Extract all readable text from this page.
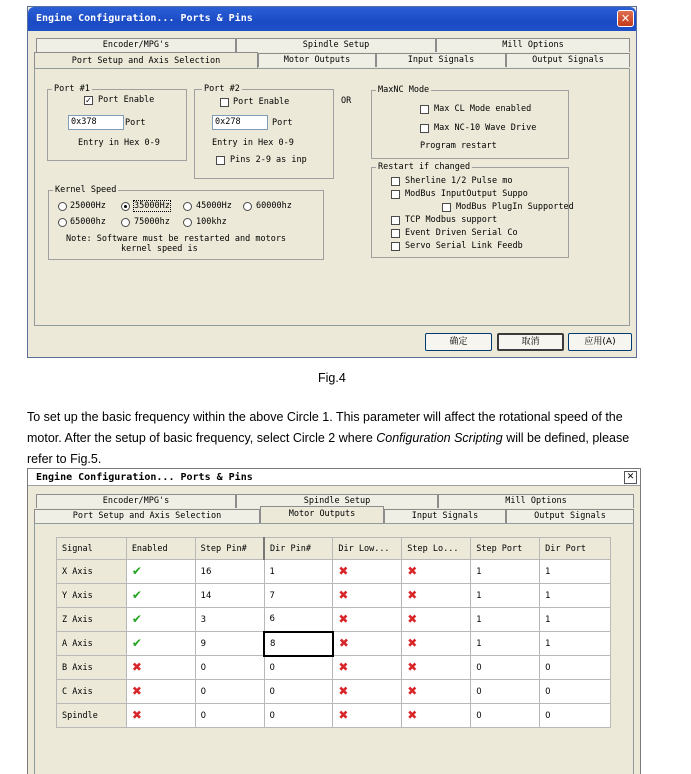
Engine Configuration... Ports & Pins	✕
Encoder/MPG's	Spindle Setup	Mill Options
Port Setup and Axis Selection	Motor Outputs	Input Signals	Output Signals
Port #1
✓ Port Enable
0x378	Port
Entry in Hex 0-9
OR
Port #2
Port Enable
0x278	Port
Entry in Hex 0-9
Pins 2-9 as inp
MaxNC Mode
Max CL Mode enabled
Max NC-10 Wave Drive
Program restart
Kernel Speed
25000Hz	35000Hz	45000Hz	60000hz
65000hz	75000hz	100khz
Note: Software must be restarted and motors
kernel speed is
Restart if changed
Sherline 1/2 Pulse mo
ModBus InputOutput Suppo
ModBus PlugIn Supported
TCP Modbus support
Event Driven Serial Co
Servo Serial Link Feedb
确定	取消	应用(A)
Fig.4
To set up the basic frequency within the above Circle 1. This parameter will affect the rotational speed of the motor. After the setup of basic frequency, select Circle 2 where Configuration Scripting will be defined, please refer to Fig.5.
Engine Configuration... Ports & Pins	✕
Encoder/MPG's	Spindle Setup	Mill Options
Port Setup and Axis Selection	Motor Outputs	Input Signals	Output Signals
Signal	Enabled	Step Pin#	Dir Pin#	Dir Low...	Step Lo...	Step Port	Dir Port
X Axis	✔	16	1	✖	✖	1	1
Y Axis	✔	14	7	✖	✖	1	1
Z Axis	✔	3	6	✖	✖	1	1
A Axis	✔	9	8	✖	✖	1	1
B Axis	✖	0	0	✖	✖	0	0
C Axis	✖	0	0	✖	✖	0	0
Spindle	✖	0	0	✖	✖	0	0
